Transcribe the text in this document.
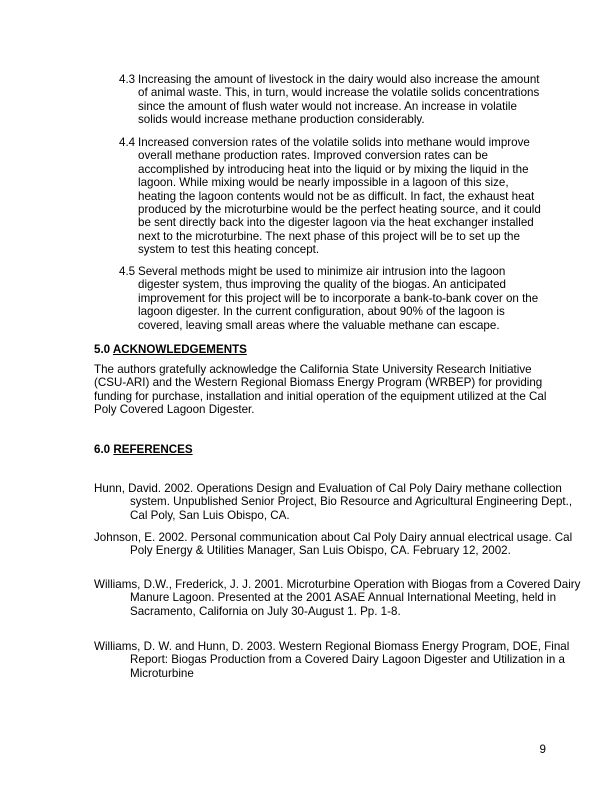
4.3 Increasing the amount of livestock in the dairy would also increase the amount of animal waste. This, in turn, would increase the volatile solids concentrations since the amount of flush water would not increase. An increase in volatile solids would increase methane production considerably.
4.4 Increased conversion rates of the volatile solids into methane would improve overall methane production rates. Improved conversion rates can be accomplished by introducing heat into the liquid or by mixing the liquid in the lagoon. While mixing would be nearly impossible in a lagoon of this size, heating the lagoon contents would not be as difficult. In fact, the exhaust heat produced by the microturbine would be the perfect heating source, and it could be sent directly back into the digester lagoon via the heat exchanger installed next to the microturbine. The next phase of this project will be to set up the system to test this heating concept.
4.5 Several methods might be used to minimize air intrusion into the lagoon digester system, thus improving the quality of the biogas. An anticipated improvement for this project will be to incorporate a bank-to-bank cover on the lagoon digester. In the current configuration, about 90% of the lagoon is covered, leaving small areas where the valuable methane can escape.
5.0 ACKNOWLEDGEMENTS
The authors gratefully acknowledge the California State University Research Initiative (CSU-ARI) and the Western Regional Biomass Energy Program (WRBEP) for providing funding for purchase, installation and initial operation of the equipment utilized at the Cal Poly Covered Lagoon Digester.
6.0 REFERENCES
Hunn, David. 2002. Operations Design and Evaluation of Cal Poly Dairy methane collection system. Unpublished Senior Project, Bio Resource and Agricultural Engineering Dept., Cal Poly, San Luis Obispo, CA.
Johnson, E. 2002. Personal communication about Cal Poly Dairy annual electrical usage. Cal Poly Energy & Utilities Manager, San Luis Obispo, CA. February 12, 2002.
Williams, D.W., Frederick, J. J. 2001. Microturbine Operation with Biogas from a Covered Dairy Manure Lagoon. Presented at the 2001 ASAE Annual International Meeting, held in Sacramento, California on July 30-August 1. Pp. 1-8.
Williams, D. W. and Hunn, D. 2003. Western Regional Biomass Energy Program, DOE, Final Report: Biogas Production from a Covered Dairy Lagoon Digester and Utilization in a Microturbine
9
